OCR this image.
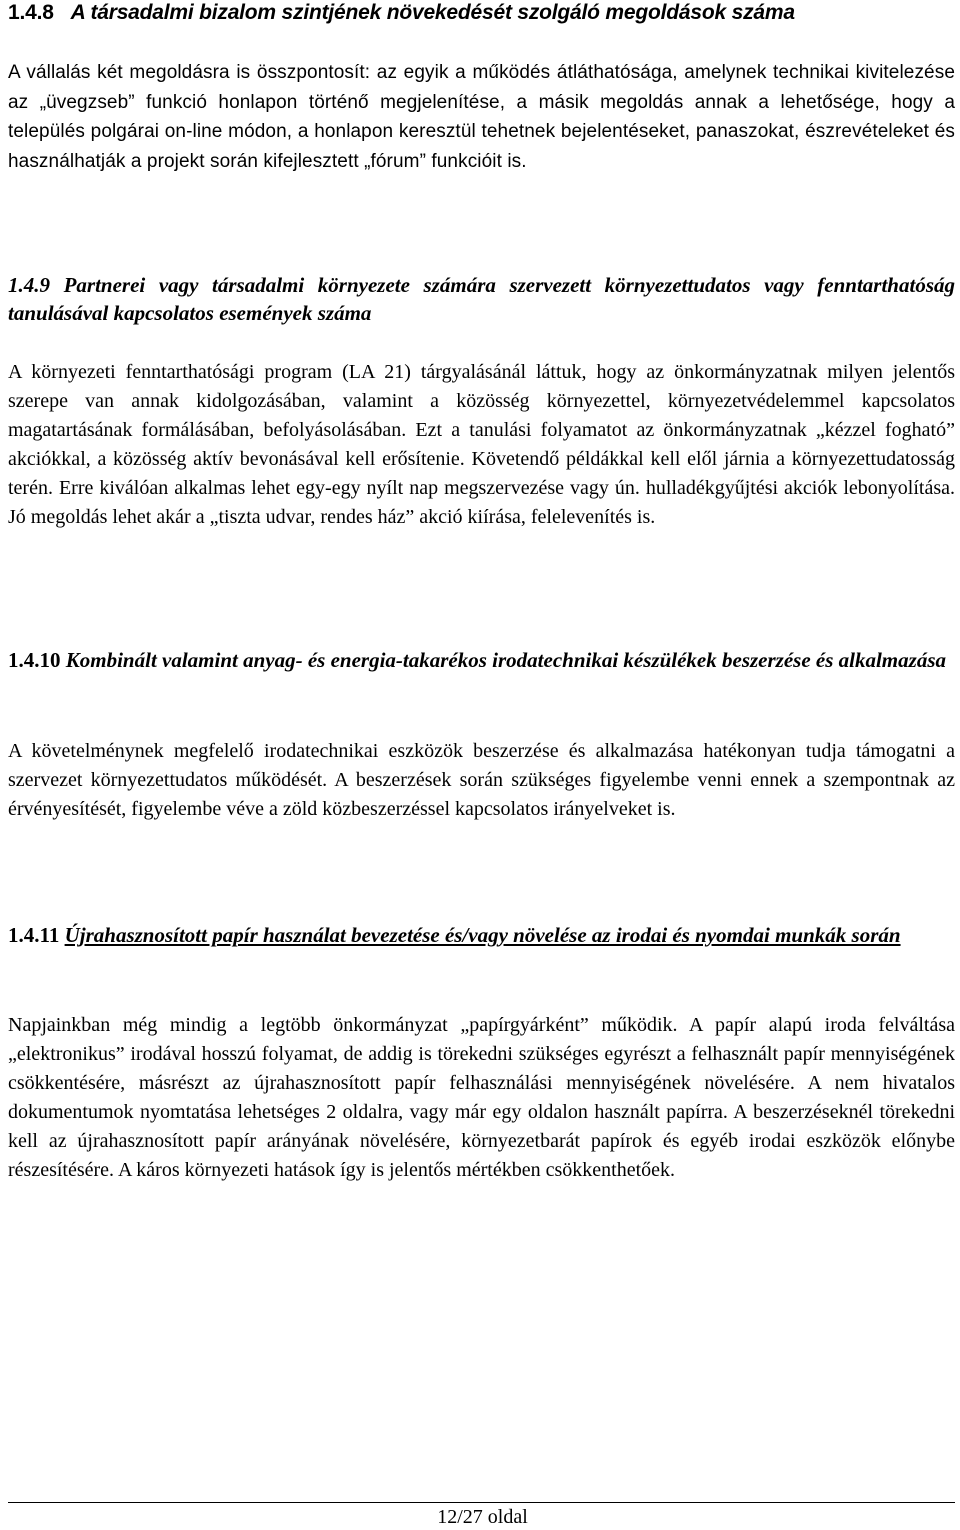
1.4.8 A társadalmi bizalom szintjének növekedését szolgáló megoldások száma

A vállalás két megoldásra is összpontosít: az egyik a működés átláthatósága, amelynek technikai kivitelezése az „üvegzseb” funkció honlapon történő megjelenítése, a másik megoldás annak a lehetősége, hogy a település polgárai on-line módon, a honlapon keresztül tehetnek bejelentéseket, panaszokat, észrevételeket és használhatják a projekt során kifejlesztett „fórum” funkcióit is.

1.4.9 Partnerei vagy társadalmi környezete számára szervezett környezettudatos vagy fenntarthatóság tanulásával kapcsolatos események száma

A környezeti fenntarthatósági program (LA 21) tárgyalásánál láttuk, hogy az önkormányzatnak milyen jelentős szerepe van annak kidolgozásában, valamint a közösség környezettel, környezetvédelemmel kapcsolatos magatartásának formálásában, befolyásolásában. Ezt a tanulási folyamatot az önkormányzatnak „kézzel fogható” akciókkal, a közösség aktív bevonásával kell erősítenie. Követendő példákkal kell elől járnia a környezettudatosság terén. Erre kiválóan alkalmas lehet egy-egy nyílt nap megszervezése vagy ún. hulladékgyűjtési akciók lebonyolítása. Jó megoldás lehet akár a „tiszta udvar, rendes ház” akció kiírása, felelevenítés is.

1.4.10 Kombinált valamint anyag- és energia-takarékos irodatechnikai készülékek beszerzése és alkalmazása

A követelménynek megfelelő irodatechnikai eszközök beszerzése és alkalmazása hatékonyan tudja támogatni a szervezet környezettudatos működését. A beszerzések során szükséges figyelembe venni ennek a szempontnak az érvényesítését, figyelembe véve a zöld közbeszerzéssel kapcsolatos irányelveket is.

1.4.11 Újrahasznosított papír használat bevezetése és/vagy növelése az irodai és nyomdai munkák során

Napjainkban még mindig a legtöbb önkormányzat „papírgyárként” működik. A papír alapú iroda felváltása „elektronikus” irodával hosszú folyamat, de addig is törekedni szükséges egyrészt a felhasznált papír mennyiségének csökkentésére, másrészt az újrahasznosított papír felhasználási mennyiségének növelésére. A nem hivatalos dokumentumok nyomtatása lehetséges 2 oldalra, vagy már egy oldalon használt papírra. A beszerzéseknél törekedni kell az újrahasznosított papír arányának növelésére, környezetbarát papírok és egyéb irodai eszközök előnybe részesítésére. A káros környezeti hatások így is jelentős mértékben csökkenthetőek.

12/27 oldal
